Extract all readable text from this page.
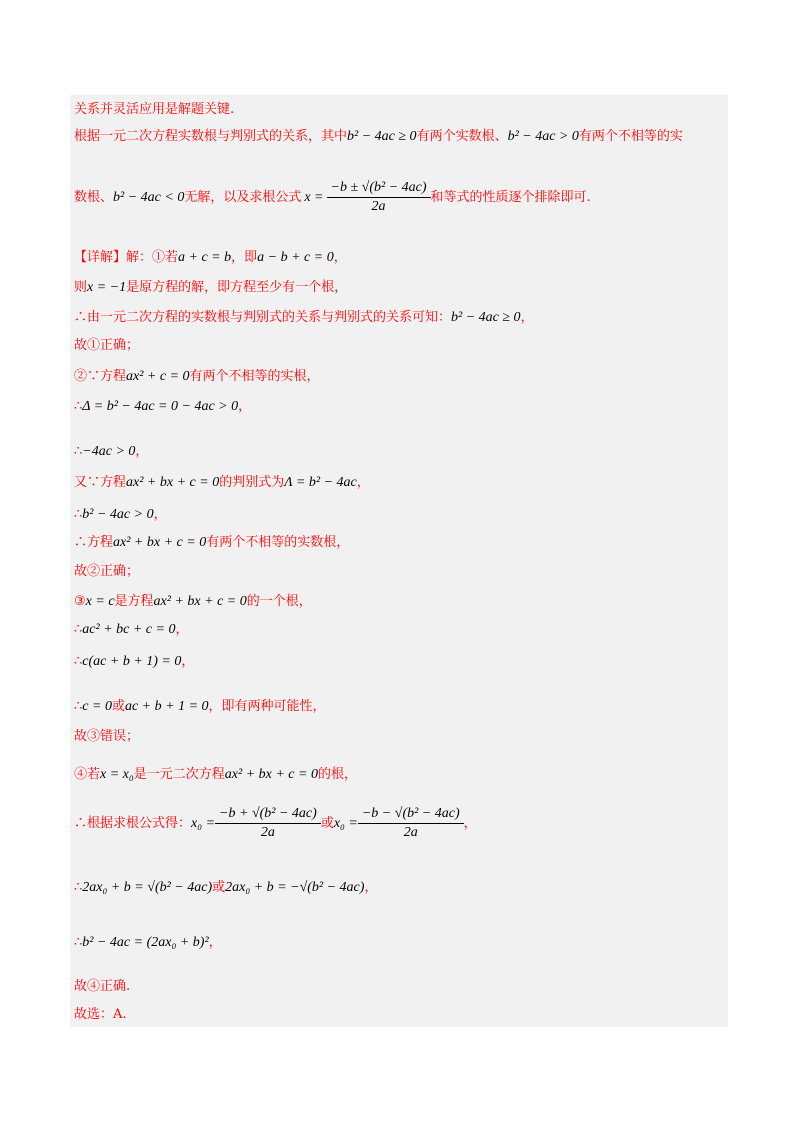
关系并灵活应用是解题关键.
根据一元二次方程实数根与判别式的关系，其中b² − 4ac ≥ 0有两个实数根、b² − 4ac > 0有两个不相等的实
数根、b² − 4ac < 0无解，以及求根公式 $x = \frac{\text{−b ± √(b² − 4ac)}}{2a}$ 和等式的性质逐个排除即可.
【详解】解：①若a + c = b，即a − b + c = 0，
则x = −1是原方程的解，即方程至少有一个根，
∴由一元二次方程的实数根与判别式的关系与判别式的关系可知：b² − 4ac ≥ 0，
故①正确；
②∵方程ax² + c = 0有两个不相等的实根，
∴Δ = b² − 4ac = 0 − 4ac > 0，
∴−4ac > 0，
又∵方程ax² + bx + c = 0的判别式为Λ = b² − 4ac，
∴b² − 4ac > 0，
∴方程ax² + bx + c = 0有两个不相等的实数根，
故②正确；
③x = c是方程ax² + bx + c = 0的一个根，
∴ac² + bc + c = 0，
∴c(ac + b + 1) = 0，
∴c = 0或ac + b + 1 = 0，即有两种可能性，
故③错误；
④若x = x₀是一元二次方程ax² + bx + c = 0的根，
∴根据求根公式得：$x_0 = \frac{\text{−b + √(b² − 4ac)}}{2a}$ 或$x_0 = \frac{\text{−b − √(b² − 4ac)}}{2a}$ ，
∴2ax₀ + b = √(b² − 4ac)或2ax₀ + b = −√(b² − 4ac)，
∴b² − 4ac = (2ax₀ + b)²，
故④正确.
故选：A.
